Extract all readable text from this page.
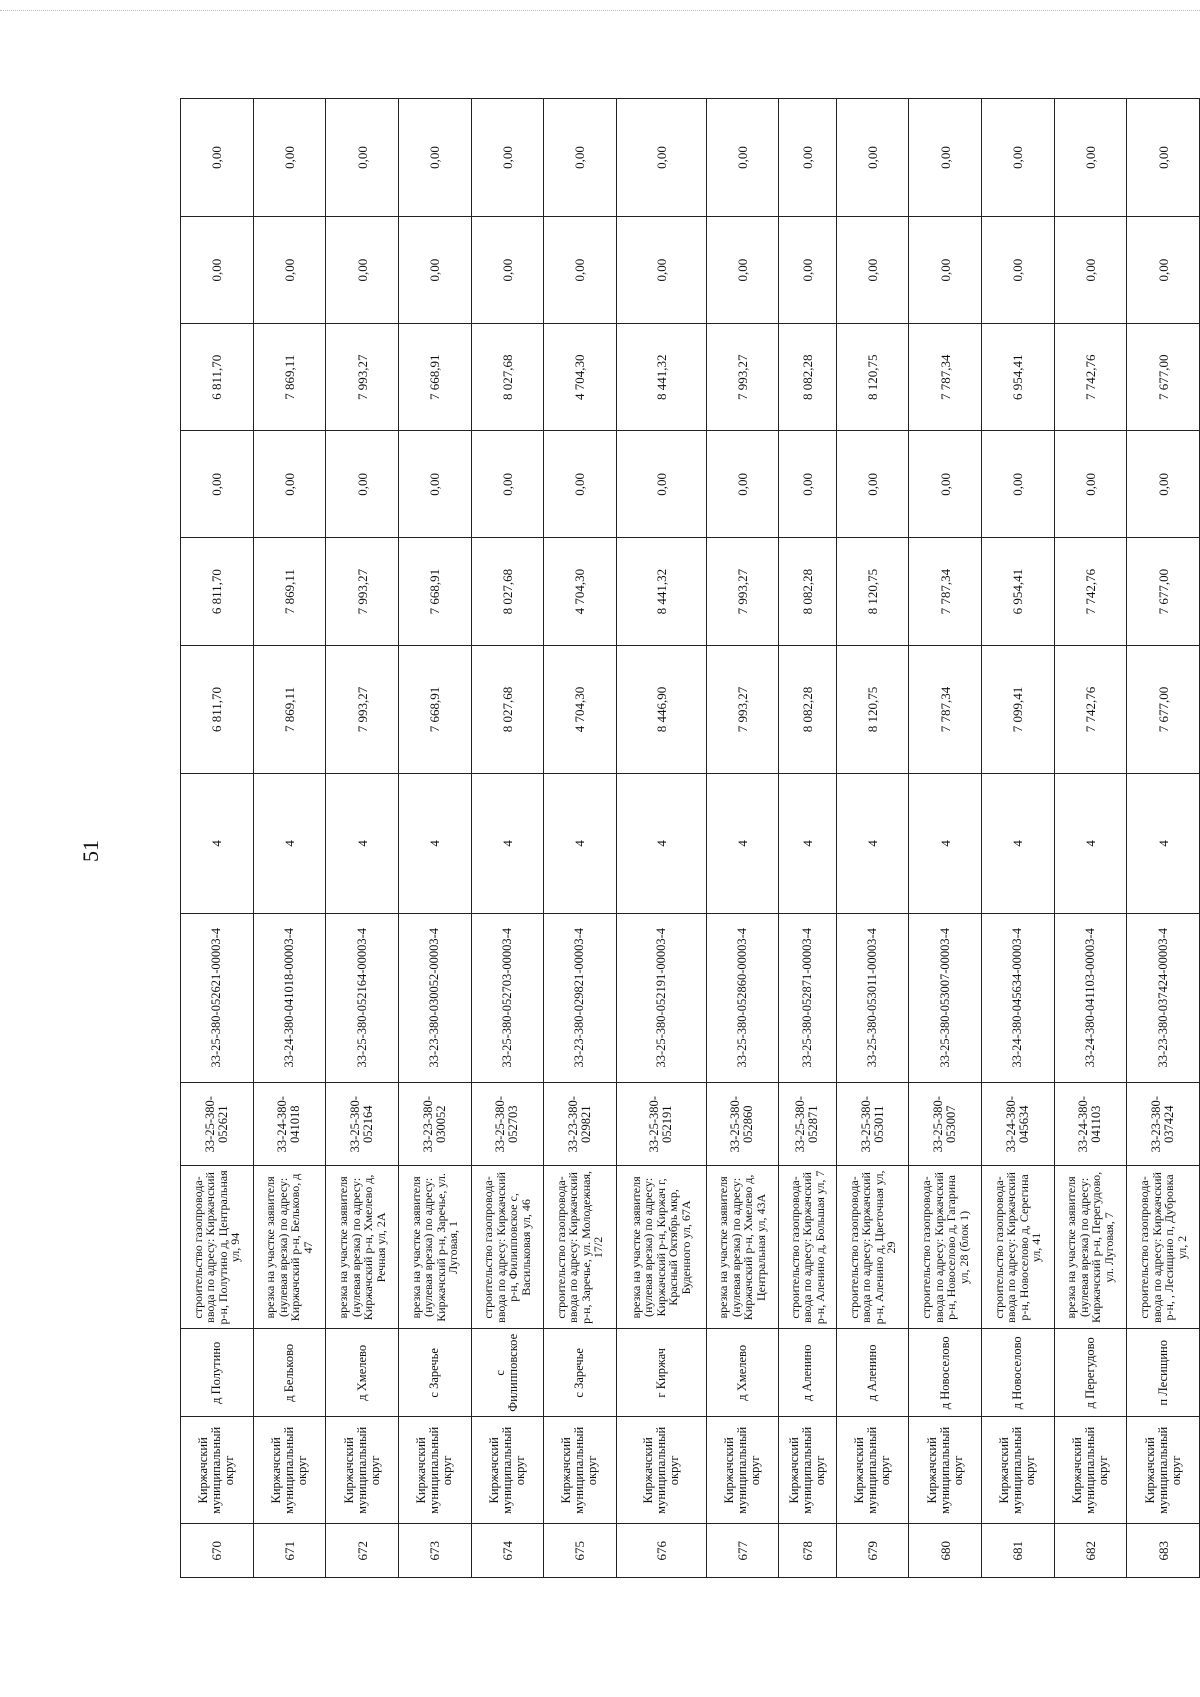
51
670	Киржачский муниципальный округ	д Полутино	строительство газопровода-ввода по адресу: Киржачский р-н, Полутино д, Центральная ул, 94	33-25-380-052621	33-25-380-052621-00003-4	4	6 811,70	6 811,70	0,00	6 811,70	0,00	0,00
671	Киржачский муниципальный округ	д Бельково	врезка на участке заявителя (нулевая врезка) по адресу: Киржачский р-н, Бельково, д 47	33-24-380-041018	33-24-380-041018-00003-4	4	7 869,11	7 869,11	0,00	7 869,11	0,00	0,00
672	Киржачский муниципальный округ	д Хмелево	врезка на участке заявителя (нулевая врезка) по адресу: Киржачский р-н, Хмелево д, Речная ул, 2А	33-25-380-052164	33-25-380-052164-00003-4	4	7 993,27	7 993,27	0,00	7 993,27	0,00	0,00
673	Киржачский муниципальный округ	с Заречье	врезка на участке заявителя (нулевая врезка) по адресу: Киржачский р-н, Заречье, ул. Луговая, 1	33-23-380-030052	33-23-380-030052-00003-4	4	7 668,91	7 668,91	0,00	7 668,91	0,00	0,00
674	Киржачский муниципальный округ	с Филипповское	строительство газопровода-ввода по адресу: Киржачский р-н, Филипповское с, Васильковая ул, 46	33-25-380-052703	33-25-380-052703-00003-4	4	8 027,68	8 027,68	0,00	8 027,68	0,00	0,00
675	Киржачский муниципальный округ	с Заречье	строительство газопровода-ввода по адресу: Киржачский р-н, Заречье, ул. Молодежная, 17/2	33-23-380-029821	33-23-380-029821-00003-4	4	4 704,30	4 704,30	0,00	4 704,30	0,00	0,00
676	Киржачский муниципальный округ	г Киржач	врезка на участке заявителя (нулевая врезка) по адресу: Киржачский р-н, Киржач г, Красный Октябрь мкр, Буденного ул, 67А	33-25-380-052191	33-25-380-052191-00003-4	4	8 446,90	8 441,32	0,00	8 441,32	0,00	0,00
677	Киржачский муниципальный округ	д Хмелево	врезка на участке заявителя (нулевая врезка) по адресу: Киржачский р-н, Хмелево д, Центральная ул, 43А	33-25-380-052860	33-25-380-052860-00003-4	4	7 993,27	7 993,27	0,00	7 993,27	0,00	0,00
678	Киржачский муниципальный округ	д Аленино	строительство газопровода-ввода по адресу: Киржачский р-н, Аленино д, Большая ул, 7	33-25-380-052871	33-25-380-052871-00003-4	4	8 082,28	8 082,28	0,00	8 082,28	0,00	0,00
679	Киржачский муниципальный округ	д Аленино	строительство газопровода-ввода по адресу: Киржачский р-н, Аленино д, Цветочная ул, 29	33-25-380-053011	33-25-380-053011-00003-4	4	8 120,75	8 120,75	0,00	8 120,75	0,00	0,00
680	Киржачский муниципальный округ	д Новоселово	строительство газопровода-ввода по адресу: Киржачский р-н, Новоселово д, Гагарина ул, 28 (блок 1)	33-25-380-053007	33-25-380-053007-00003-4	4	7 787,34	7 787,34	0,00	7 787,34	0,00	0,00
681	Киржачский муниципальный округ	д Новоселово	строительство газопровода-ввода по адресу: Киржачский р-н, Новоселово д, Серегина ул, 41	33-24-380-045634	33-24-380-045634-00003-4	4	7 099,41	6 954,41	0,00	6 954,41	0,00	0,00
682	Киржачский муниципальный округ	д Перегудово	врезка на участке заявителя (нулевая врезка) по адресу: Киржачский р-н, Перегудово, ул. Луговая, 7	33-24-380-041103	33-24-380-041103-00003-4	4	7 742,76	7 742,76	0,00	7 742,76	0,00	0,00
683	Киржачский муниципальный округ	п Лесищино	строительство газопровода-ввода по адресу: Киржачский р-н, , Лесищино п, Дубровка ул, 2	33-23-380-037424	33-23-380-037424-00003-4	4	7 677,00	7 677,00	0,00	7 677,00	0,00	0,00
